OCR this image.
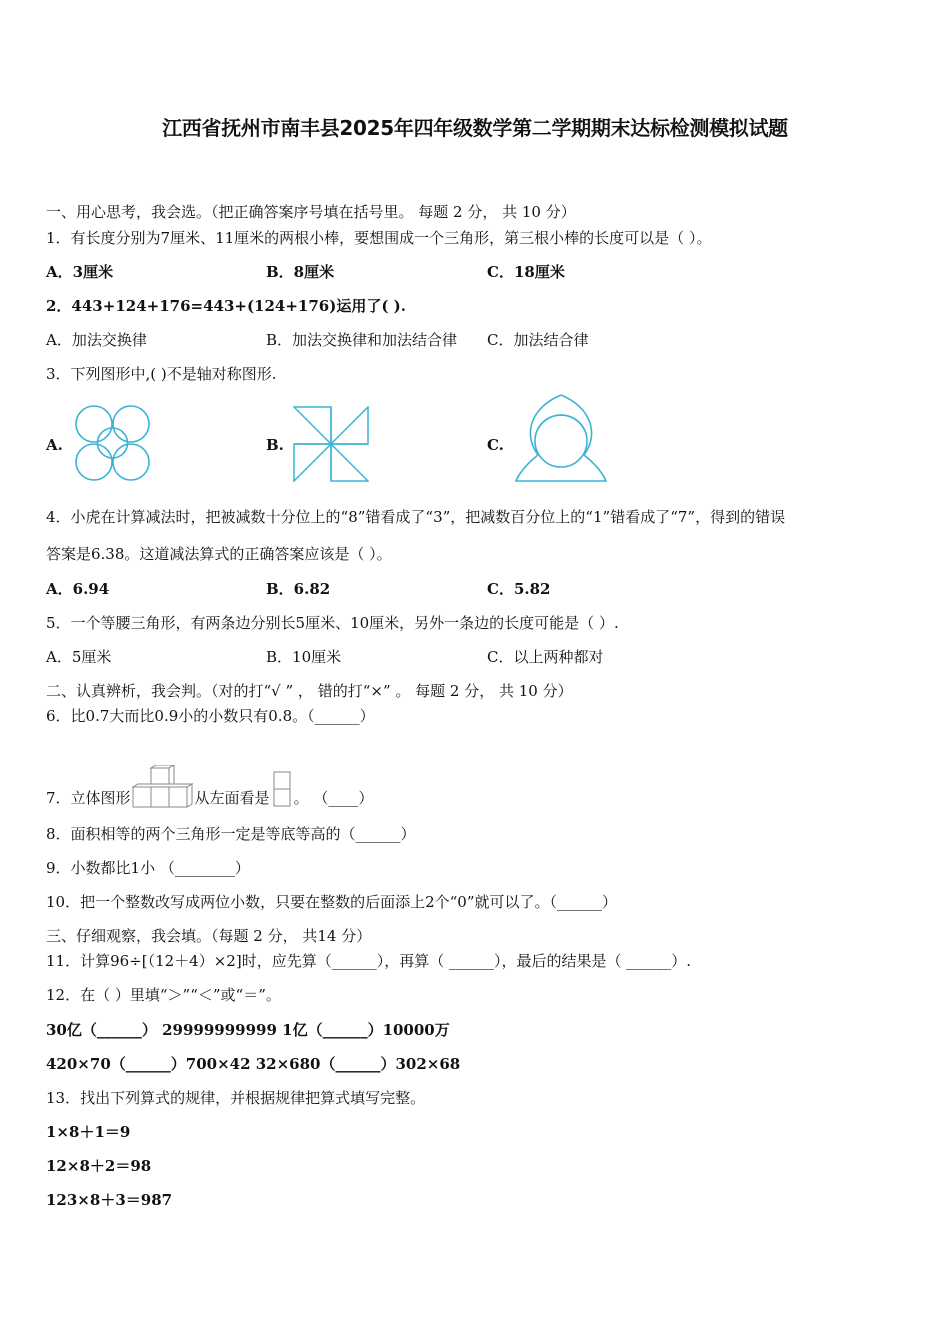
江西省抚州市南丰县2025年四年级数学第二学期期末达标检测模拟试题
一、用心思考，我会选。（把正确答案序号填在括号里。 每题 2 分， 共 10 分）
1．有长度分别为7厘米、11厘米的两根小棒，要想围成一个三角形，第三根小棒的长度可以是（ ）。
A．3厘米	B．8厘米	C．18厘米
2．443+124+176=443+(124+176)运用了( ).
A．加法交换律	B．加法交换律和加法结合律 C．加法结合律
3．下列图形中,( )不是轴对称图形.
A.	B.	C.
4．小虎在计算减法时，把被减数十分位上的“8”错看成了“3”，把减数百分位上的“1”错看成了“7”，得到的错误
答案是6.38。这道减法算式的正确答案应该是（ ）。
A．6.94	B．6.82	C．5.82
5．一个等腰三角形，有两条边分别长5厘米、10厘米，另外一条边的长度可能是（ ）.
A．5厘米	B．10厘米	C．以上两种都对
二、认真辨析，我会判。（对的打“√ ” ， 错的打“×” 。 每题 2 分， 共 10 分）
6．比0.7大而比0.9小的小数只有0.8。（______）
7．立体图形	从左面看是 。 （____）
8．面积相等的两个三角形一定是等底等高的（______）
9．小数都比1小 （________）
10．把一个整数改写成两位小数，只要在整数的后面添上2个“0”就可以了。（______）
三、仔细观察，我会填。（每题 2 分， 共14 分）
11．计算96÷[（12＋4）×2]时，应先算（______），再算（ ______），最后的结果是（ ______）.
12．在（ ）里填“＞”“＜”或“＝”。
30亿（______） 29999999999 1亿（______）10000万
420×70（______）700×42 32×680（______）302×68
13．找出下列算式的规律，并根据规律把算式填写完整。
1×8＋1＝9
12×8＋2＝98
123×8＋3＝987
